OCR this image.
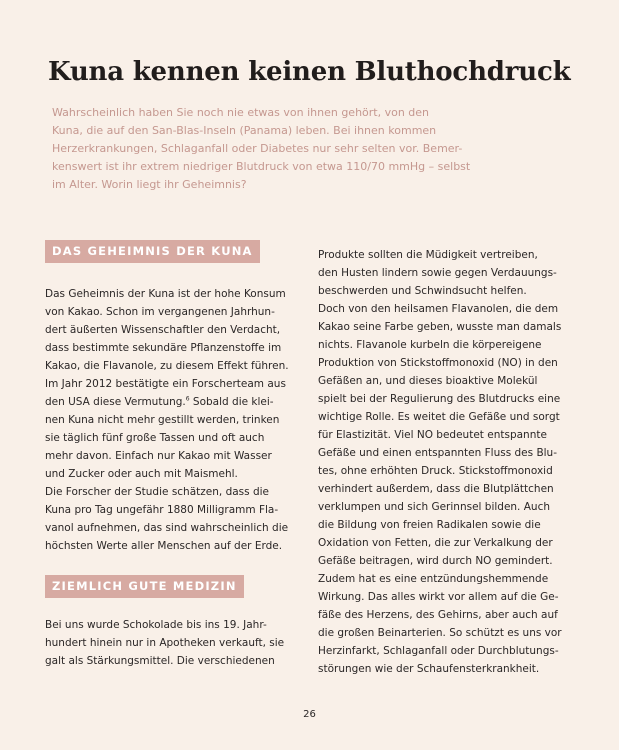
Kuna kennen keinen Bluthochdruck

Wahrscheinlich haben Sie noch nie etwas von ihnen gehört, von den
Kuna, die auf den San-Blas-Inseln (Panama) leben. Bei ihnen kommen
Herzerkrankungen, Schlaganfall oder Diabetes nur sehr selten vor. Bemer-
kenswert ist ihr extrem niedriger Blutdruck von etwa 110/70 mmHg – selbst
im Alter. Worin liegt ihr Geheimnis?

DAS GEHEIMNIS DER KUNA

Das Geheimnis der Kuna ist der hohe Konsum
von Kakao. Schon im vergangenen Jahrhun-
dert äußerten Wissenschaftler den Verdacht,
dass bestimmte sekundäre Pflanzenstoffe im
Kakao, die Flavanole, zu diesem Effekt führen.
Im Jahr 2012 bestätigte ein Forscherteam aus
den USA diese Vermutung.$^6$ Sobald die klei-
nen Kuna nicht mehr gestillt werden, trinken
sie täglich fünf große Tassen und oft auch
mehr davon. Einfach nur Kakao mit Wasser
und Zucker oder auch mit Maismehl.
Die Forscher der Studie schätzen, dass die
Kuna pro Tag ungefähr 1880 Milligramm Fla-
vanol aufnehmen, das sind wahrscheinlich die
höchsten Werte aller Menschen auf der Erde.

ZIEMLICH GUTE MEDIZIN

Bei uns wurde Schokolade bis ins 19. Jahr-
hundert hinein nur in Apotheken verkauft, sie
galt als Stärkungsmittel. Die verschiedenen

Produkte sollten die Müdigkeit vertreiben,
den Husten lindern sowie gegen Verdauungs-
beschwerden und Schwindsucht helfen.
Doch von den heilsamen Flavanolen, die dem
Kakao seine Farbe geben, wusste man damals
nichts. Flavanole kurbeln die körpereigene
Produktion von Stickstoffmonoxid (NO) in den
Gefäßen an, und dieses bioaktive Molekül
spielt bei der Regulierung des Blutdrucks eine
wichtige Rolle. Es weitet die Gefäße und sorgt
für Elastizität. Viel NO bedeutet entspannte
Gefäße und einen entspannten Fluss des Blu-
tes, ohne erhöhten Druck. Stickstoffmonoxid
verhindert außerdem, dass die Blutplättchen
verklumpen und sich Gerinnsel bilden. Auch
die Bildung von freien Radikalen sowie die
Oxidation von Fetten, die zur Verkalkung der
Gefäße beitragen, wird durch NO gemindert.
Zudem hat es eine entzündungshemmende
Wirkung. Das alles wirkt vor allem auf die Ge-
fäße des Herzens, des Gehirns, aber auch auf
die großen Beinarterien. So schützt es uns vor
Herzinfarkt, Schlaganfall oder Durchblutungs-
störungen wie der Schaufensterkrankheit.

26
